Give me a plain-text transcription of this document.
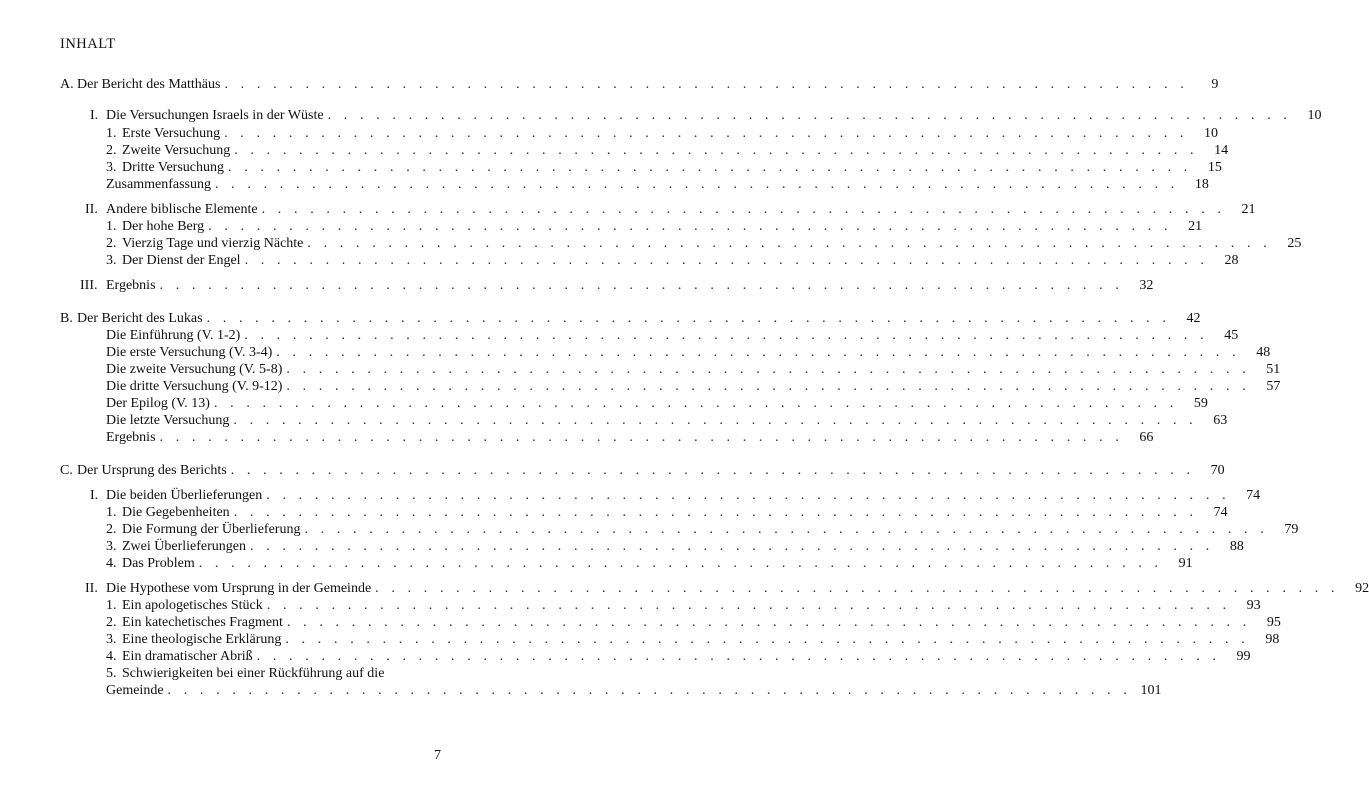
INHALT
A. Der Bericht des Matthäus . . . . . . . . . . . . . . . . . . . . . . . . . . . . . . . . . . . . . . . . . . . . . . . . . . . . . . . . . . . .	9
I. Die Versuchungen Israels in der Wüste . . . . . . . . . . . . . . . . . . . . . . . . . . . . . . . . . . . . . . . . . . . . . . . . . . . . . . . . . . . .	10
1. Erste Versuchung . . . . . . . . . . . . . . . . . . . . . . . . . . . . . . . . . . . . . . . . . . . . . . . . . . . . . . . . . . . .	10
2. Zweite Versuchung . . . . . . . . . . . . . . . . . . . . . . . . . . . . . . . . . . . . . . . . . . . . . . . . . . . . . . . . . . . .	14
3. Dritte Versuchung . . . . . . . . . . . . . . . . . . . . . . . . . . . . . . . . . . . . . . . . . . . . . . . . . . . . . . . . . . . .	15
Zusammenfassung . . . . . . . . . . . . . . . . . . . . . . . . . . . . . . . . . . . . . . . . . . . . . . . . . . . . . . . . . . . .	18
II. Andere biblische Elemente . . . . . . . . . . . . . . . . . . . . . . . . . . . . . . . . . . . . . . . . . . . . . . . . . . . . . . . . . . . .	21
1. Der hohe Berg . . . . . . . . . . . . . . . . . . . . . . . . . . . . . . . . . . . . . . . . . . . . . . . . . . . . . . . . . . . .	21
2. Vierzig Tage und vierzig Nächte . . . . . . . . . . . . . . . . . . . . . . . . . . . . . . . . . . . . . . . . . . . . . . . . . . . . . . . . . . . .	25
3. Der Dienst der Engel . . . . . . . . . . . . . . . . . . . . . . . . . . . . . . . . . . . . . . . . . . . . . . . . . . . . . . . . . . . .	28
III. Ergebnis . . . . . . . . . . . . . . . . . . . . . . . . . . . . . . . . . . . . . . . . . . . . . . . . . . . . . . . . . . . .	32
B. Der Bericht des Lukas . . . . . . . . . . . . . . . . . . . . . . . . . . . . . . . . . . . . . . . . . . . . . . . . . . . . . . . . . . . .	42
Die Einführung (V. 1-2) . . . . . . . . . . . . . . . . . . . . . . . . . . . . . . . . . . . . . . . . . . . . . . . . . . . . . . . . . . . .	45
Die erste Versuchung (V. 3-4) . . . . . . . . . . . . . . . . . . . . . . . . . . . . . . . . . . . . . . . . . . . . . . . . . . . . . . . . . . . .	48
Die zweite Versuchung (V. 5-8) . . . . . . . . . . . . . . . . . . . . . . . . . . . . . . . . . . . . . . . . . . . . . . . . . . . . . . . . . . . .	51
Die dritte Versuchung (V. 9-12) . . . . . . . . . . . . . . . . . . . . . . . . . . . . . . . . . . . . . . . . . . . . . . . . . . . . . . . . . . . .	57
Der Epilog (V. 13) . . . . . . . . . . . . . . . . . . . . . . . . . . . . . . . . . . . . . . . . . . . . . . . . . . . . . . . . . . . .	59
Die letzte Versuchung . . . . . . . . . . . . . . . . . . . . . . . . . . . . . . . . . . . . . . . . . . . . . . . . . . . . . . . . . . . .	63
Ergebnis . . . . . . . . . . . . . . . . . . . . . . . . . . . . . . . . . . . . . . . . . . . . . . . . . . . . . . . . . . . .	66
C. Der Ursprung des Berichts . . . . . . . . . . . . . . . . . . . . . . . . . . . . . . . . . . . . . . . . . . . . . . . . . . . . . . . . . . . .	70
I. Die beiden Überlieferungen . . . . . . . . . . . . . . . . . . . . . . . . . . . . . . . . . . . . . . . . . . . . . . . . . . . . . . . . . . . .	74
1. Die Gegebenheiten . . . . . . . . . . . . . . . . . . . . . . . . . . . . . . . . . . . . . . . . . . . . . . . . . . . . . . . . . . . .	74
2. Die Formung der Überlieferung . . . . . . . . . . . . . . . . . . . . . . . . . . . . . . . . . . . . . . . . . . . . . . . . . . . . . . . . . . . .	79
3. Zwei Überlieferungen . . . . . . . . . . . . . . . . . . . . . . . . . . . . . . . . . . . . . . . . . . . . . . . . . . . . . . . . . . . .	88
4. Das Problem . . . . . . . . . . . . . . . . . . . . . . . . . . . . . . . . . . . . . . . . . . . . . . . . . . . . . . . . . . . .	91
II. Die Hypothese vom Ursprung in der Gemeinde . . . . . . . . . . . . . . . . . . . . . . . . . . . . . . . . . . . . . . . . . . . . . . . . . . . . . . . . . . . .	92
1. Ein apologetisches Stück . . . . . . . . . . . . . . . . . . . . . . . . . . . . . . . . . . . . . . . . . . . . . . . . . . . . . . . . . . . .	93
2. Ein katechetisches Fragment . . . . . . . . . . . . . . . . . . . . . . . . . . . . . . . . . . . . . . . . . . . . . . . . . . . . . . . . . . . .	95
3. Eine theologische Erklärung . . . . . . . . . . . . . . . . . . . . . . . . . . . . . . . . . . . . . . . . . . . . . . . . . . . . . . . . . . . .	98
4. Ein dramatischer Abriß . . . . . . . . . . . . . . . . . . . . . . . . . . . . . . . . . . . . . . . . . . . . . . . . . . . . . . . . . . . .	99
5. Schwierigkeiten bei einer Rückführung auf die
Gemeinde . . . . . . . . . . . . . . . . . . . . . . . . . . . . . . . . . . . . . . . . . . . . . . . . . . . . . . . . . . . . 101
7
